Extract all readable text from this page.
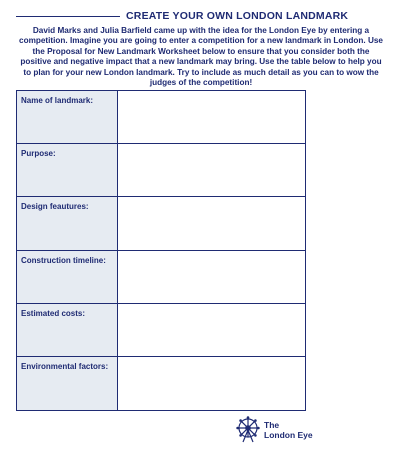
CREATE YOUR OWN LONDON LANDMARK
David Marks and Julia Barfield came up with the idea for the London Eye by entering a competition. Imagine you are going to enter a competition for a new landmark in London. Use the Proposal for New Landmark Worksheet below to ensure that you consider both the positive and negative impact that a new landmark may bring. Use the table below to help you to plan for your new London landmark. Try to include as much detail as you can to wow the judges of the competition!
Name of landmark:
Purpose:
Design feautures:
Construction timeline:
Estimated costs:
Environmental factors:
The
London Eye
